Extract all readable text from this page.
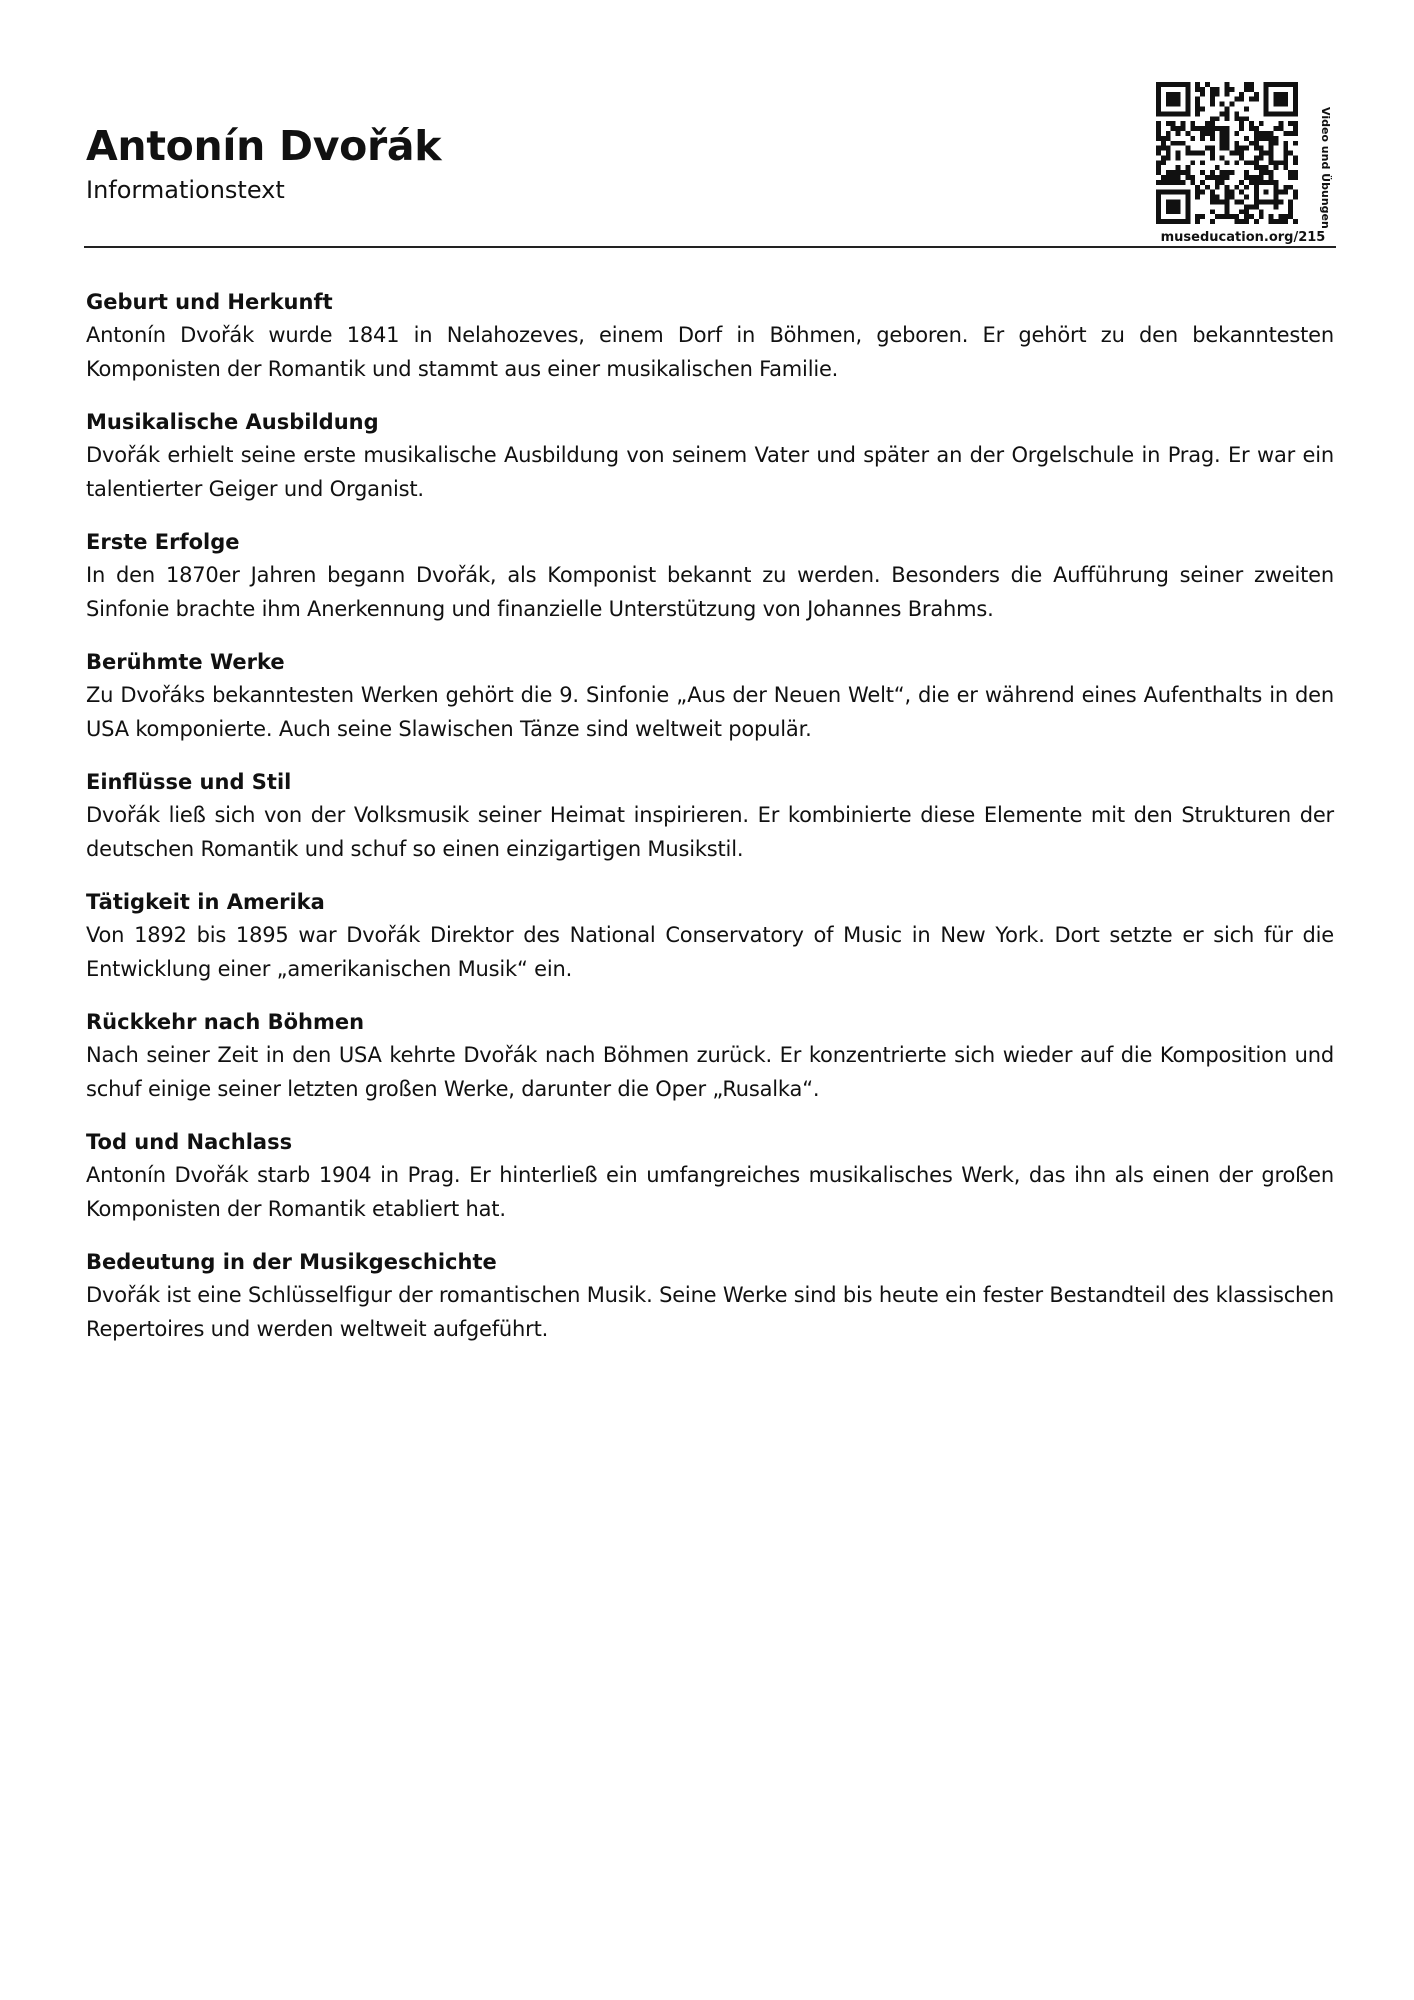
Antonín Dvořák
Informationstext	Video und Übungen
museducation.org/215
Geburt und Herkunft

Antonín Dvořák wurde 1841 in Nelahozeves, einem Dorf in Böhmen, geboren. Er gehört zu den bekanntesten Komponisten der Romantik und stammt aus einer musikalischen Familie.

Musikalische Ausbildung

Dvořák erhielt seine erste musikalische Ausbildung von seinem Vater und später an der Orgelschule in Prag. Er war ein talentierter Geiger und Organist.

Erste Erfolge

In den 1870er Jahren begann Dvořák, als Komponist bekannt zu werden. Besonders die Aufführung seiner zweiten Sinfonie brachte ihm Anerkennung und finanzielle Unterstützung von Johannes Brahms.

Berühmte Werke

Zu Dvořáks bekanntesten Werken gehört die 9. Sinfonie „Aus der Neuen Welt“, die er während eines Aufenthalts in den USA komponierte. Auch seine Slawischen Tänze sind weltweit populär.

Einflüsse und Stil

Dvořák ließ sich von der Volksmusik seiner Heimat inspirieren. Er kombinierte diese Elemente mit den Strukturen der deutschen Romantik und schuf so einen einzigartigen Musikstil.

Tätigkeit in Amerika

Von 1892 bis 1895 war Dvořák Direktor des National Conservatory of Music in New York. Dort setzte er sich für die Entwicklung einer „amerikanischen Musik“ ein.

Rückkehr nach Böhmen

Nach seiner Zeit in den USA kehrte Dvořák nach Böhmen zurück. Er konzentrierte sich wieder auf die Komposition und schuf einige seiner letzten großen Werke, darunter die Oper „Rusalka“.

Tod und Nachlass

Antonín Dvořák starb 1904 in Prag. Er hinterließ ein umfangreiches musikalisches Werk, das ihn als einen der großen Komponisten der Romantik etabliert hat.

Bedeutung in der Musikgeschichte

Dvořák ist eine Schlüsselfigur der romantischen Musik. Seine Werke sind bis heute ein fester Bestandteil des klassischen Repertoires und werden weltweit aufgeführt.
